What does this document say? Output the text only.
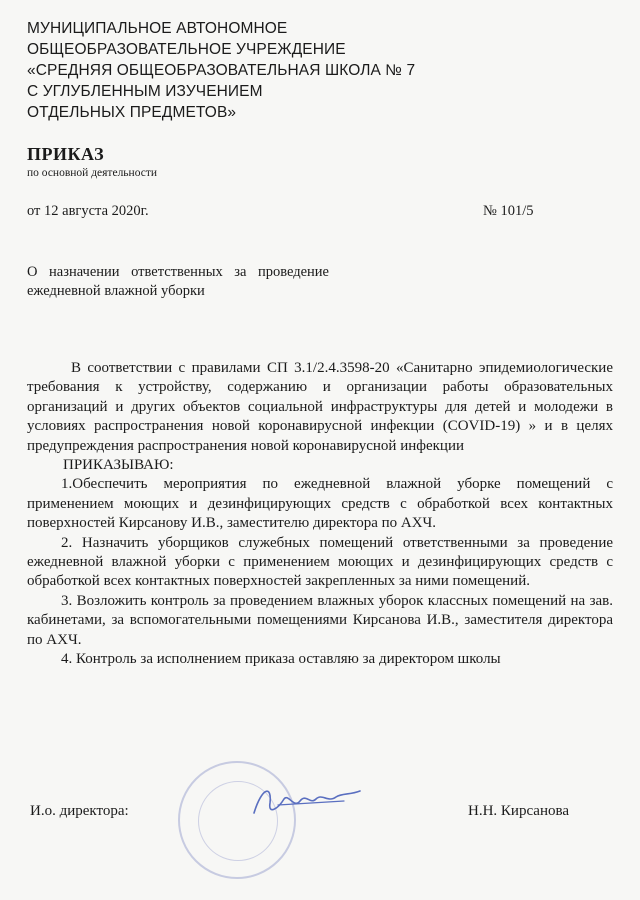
МУНИЦИПАЛЬНОЕ АВТОНОМНОЕ
ОБЩЕОБРАЗОВАТЕЛЬНОЕ УЧРЕЖДЕНИЕ
«СРЕДНЯЯ ОБЩЕОБРАЗОВАТЕЛЬНАЯ ШКОЛА № 7
С УГЛУБЛЕННЫМ ИЗУЧЕНИЕМ
ОТДЕЛЬНЫХ ПРЕДМЕТОВ»
ПРИКАЗ
по основной деятельности
от 12 августа 2020г.	№ 101/5
О назначении ответственных за проведение ежедневной влажной уборки

В соответствии с правилами СП 3.1/2.4.3598-20 «Санитарно эпидемиологические требования к устройству, содержанию и организации работы образовательных организаций и других объектов социальной инфраструктуры для детей и молодежи в условиях распространения новой коронавирусной инфекции (COVID-19) » и в целях предупреждения распространения новой коронавирусной инфекции

ПРИКАЗЫВАЮ:

1.Обеспечить мероприятия по ежедневной влажной уборке помещений с применением моющих и дезинфицирующих средств с обработкой всех контактных поверхностей Кирсанову И.В., заместителю директора по АХЧ.

2. Назначить уборщиков служебных помещений ответственными за проведение ежедневной влажной уборки с применением моющих и дезинфицирующих средств с обработкой всех контактных поверхностей закрепленных за ними помещений.

3. Возложить контроль за проведением влажных уборок классных помещений на зав. кабинетами, за вспомогательными помещениями Кирсанова И.В., заместителя директора по АХЧ.

4. Контроль за исполнением приказа оставляю за директором школы

И.о. директора:	Н.Н. Кирсанова
